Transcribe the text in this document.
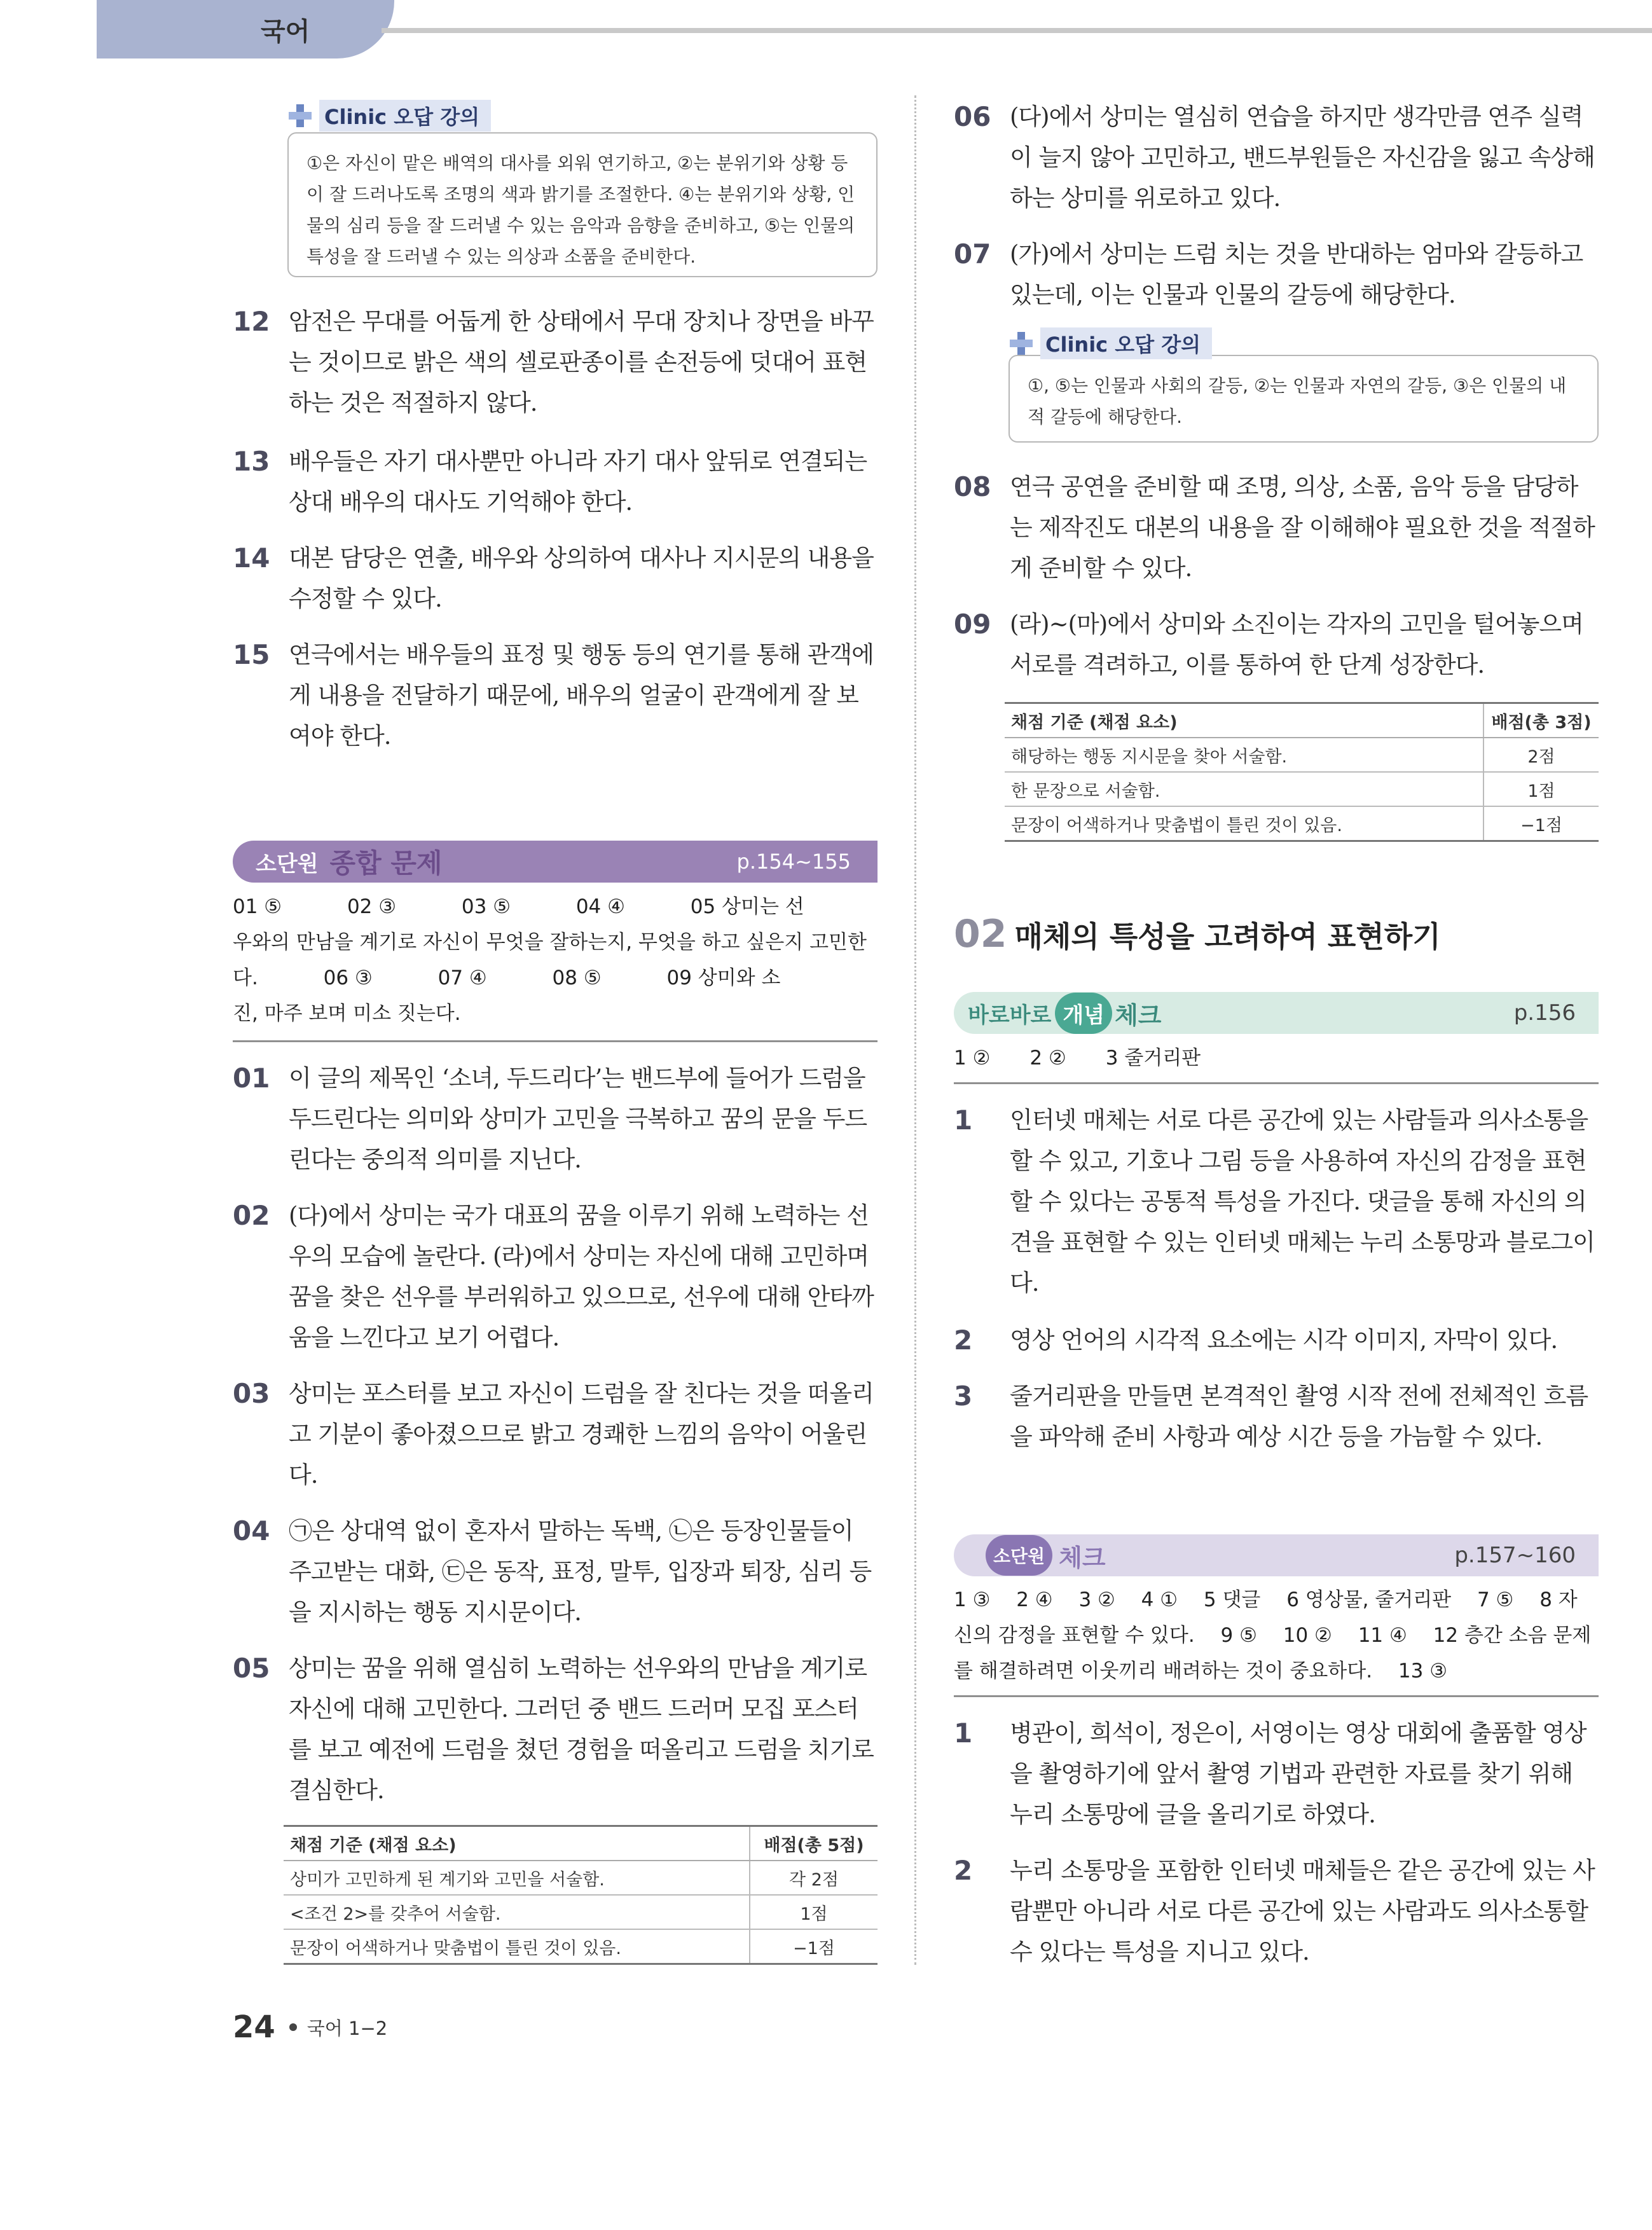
국어
Clinic 오답 강의
①은 자신이 맡은 배역의 대사를 외워 연기하고, ②는 분위기와 상황 등이 잘 드러나도록 조명의 색과 밝기를 조절한다. ④는 분위기와 상황, 인물의 심리 등을 잘 드러낼 수 있는 음악과 음향을 준비하고, ⑤는 인물의 특성을 잘 드러낼 수 있는 의상과 소품을 준비한다.
12 암전은 무대를 어둡게 한 상태에서 무대 장치나 장면을 바꾸는 것이므로 밝은 색의 셀로판종이를 손전등에 덧대어 표현하는 것은 적절하지 않다.
13 배우들은 자기 대사뿐만 아니라 자기 대사 앞뒤로 연결되는 상대 배우의 대사도 기억해야 한다.
14 대본 담당은 연출, 배우와 상의하여 대사나 지시문의 내용을 수정할 수 있다.
15 연극에서는 배우들의 표정 및 행동 등의 연기를 통해 관객에게 내용을 전달하기 때문에, 배우의 얼굴이 관객에게 잘 보여야 한다.
소단원 종합 문제	p.154~155
01 ⑤　　　 02 ③　　　 03 ⑤　　　 04 ④　　　 05 상미는 선
우와의 만남을 계기로 자신이 무엇을 잘하는지, 무엇을 하고 싶은지 고민한
다.　　　 06 ③　　　 07 ④　　　 08 ⑤　　　 09 상미와 소
진, 마주 보며 미소 짓는다.
01 이 글의 제목인 ‘소녀, 두드리다’는 밴드부에 들어가 드럼을 두드린다는 의미와 상미가 고민을 극복하고 꿈의 문을 두드린다는 중의적 의미를 지닌다.
02 (다)에서 상미는 국가 대표의 꿈을 이루기 위해 노력하는 선우의 모습에 놀란다. (라)에서 상미는 자신에 대해 고민하며 꿈을 찾은 선우를 부러워하고 있으므로, 선우에 대해 안타까움을 느낀다고 보기 어렵다.
03 상미는 포스터를 보고 자신이 드럼을 잘 친다는 것을 떠올리고 기분이 좋아졌으므로 밝고 경쾌한 느낌의 음악이 어울린다.
04 ㉠은 상대역 없이 혼자서 말하는 독백, ㉡은 등장인물들이 주고받는 대화, ㉢은 동작, 표정, 말투, 입장과 퇴장, 심리 등을 지시하는 행동 지시문이다.
05 상미는 꿈을 위해 열심히 노력하는 선우와의 만남을 계기로 자신에 대해 고민한다. 그러던 중 밴드 드러머 모집 포스터를 보고 예전에 드럼을 쳤던 경험을 떠올리고 드럼을 치기로 결심한다.
채점 기준 (채점 요소)	배점(총 5점)
상미가 고민하게 된 계기와 고민을 서술함.	각 2점
<조건 2>를 갖추어 서술함.	1점
문장이 어색하거나 맞춤법이 틀린 것이 있음.	−1점
24 국어 1−2
06 (다)에서 상미는 열심히 연습을 하지만 생각만큼 연주 실력이 늘지 않아 고민하고, 밴드부원들은 자신감을 잃고 속상해하는 상미를 위로하고 있다.
07 (가)에서 상미는 드럼 치는 것을 반대하는 엄마와 갈등하고 있는데, 이는 인물과 인물의 갈등에 해당한다.
Clinic 오답 강의
①, ⑤는 인물과 사회의 갈등, ②는 인물과 자연의 갈등, ③은 인물의 내적 갈등에 해당한다.
08 연극 공연을 준비할 때 조명, 의상, 소품, 음악 등을 담당하는 제작진도 대본의 내용을 잘 이해해야 필요한 것을 적절하게 준비할 수 있다.
09 (라)~(마)에서 상미와 소진이는 각자의 고민을 털어놓으며 서로를 격려하고, 이를 통하여 한 단계 성장한다.
채점 기준 (채점 요소)	배점(총 3점)
해당하는 행동 지시문을 찾아 서술함.	2점
한 문장으로 서술함.	1점
문장이 어색하거나 맞춤법이 틀린 것이 있음.	−1점
02 매체의 특성을 고려하여 표현하기
바로바로 개념 체크	p.156
1 ②　　2 ②　　3 줄거리판
1	인터넷 매체는 서로 다른 공간에 있는 사람들과 의사소통을 할 수 있고, 기호나 그림 등을 사용하여 자신의 감정을 표현할 수 있다는 공통적 특성을 가진다. 댓글을 통해 자신의 의견을 표현할 수 있는 인터넷 매체는 누리 소통망과 블로그이다.
2	영상 언어의 시각적 요소에는 시각 이미지, 자막이 있다.
3	줄거리판을 만들면 본격적인 촬영 시작 전에 전체적인 흐름을 파악해 준비 사항과 예상 시간 등을 가늠할 수 있다.
소단원 체크	p.157~160
1 ③　 2 ④　 3 ②　 4 ①　 5 댓글　 6 영상물, 줄거리판　 7 ⑤　 8 자
신의 감정을 표현할 수 있다.　 9 ⑤　 10 ②　 11 ④　 12 층간 소음 문제
를 해결하려면 이웃끼리 배려하는 것이 중요하다.　 13 ③
1	병관이, 희석이, 정은이, 서영이는 영상 대회에 출품할 영상을 촬영하기에 앞서 촬영 기법과 관련한 자료를 찾기 위해 누리 소통망에 글을 올리기로 하였다.
2	누리 소통망을 포함한 인터넷 매체들은 같은 공간에 있는 사람뿐만 아니라 서로 다른 공간에 있는 사람과도 의사소통할 수 있다는 특성을 지니고 있다.
